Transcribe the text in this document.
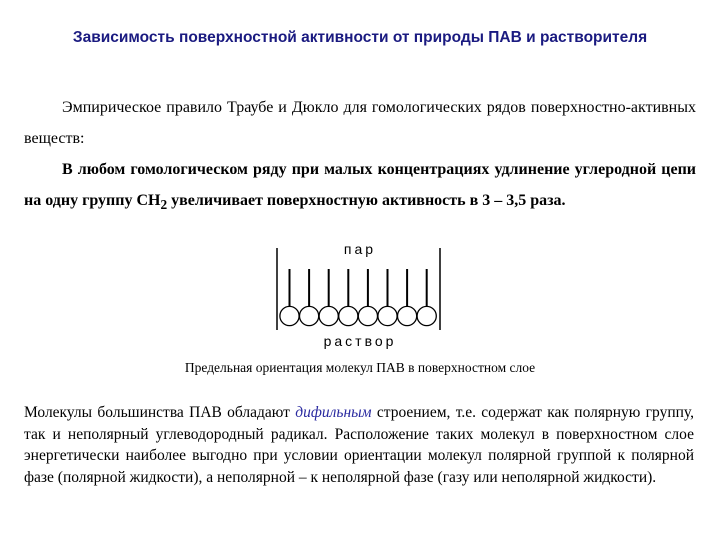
Зависимость поверхностной активности от природы ПАВ и растворителя

Эмпирическое правило Траубе и Дюкло для гомологических рядов поверхностно-активных веществ:

В любом гомологическом ряду при малых концентрациях удлинение углеродной цепи на одну группу $CH_2$ увеличивает поверхностную активность в 3 – 3,5 раза.

пар
раствор

Предельная ориентация молекул ПАВ в поверхностном слое

Молекулы большинства ПАВ обладают дифильным строением, т.е. содержат как полярную группу, так и неполярный углеводородный радикал. Расположение таких молекул в поверхностном слое энергетически наиболее выгодно при условии ориентации молекул полярной группой к полярной фазе (полярной жидкости), а неполярной – к неполярной фазе (газу или неполярной жидкости).
